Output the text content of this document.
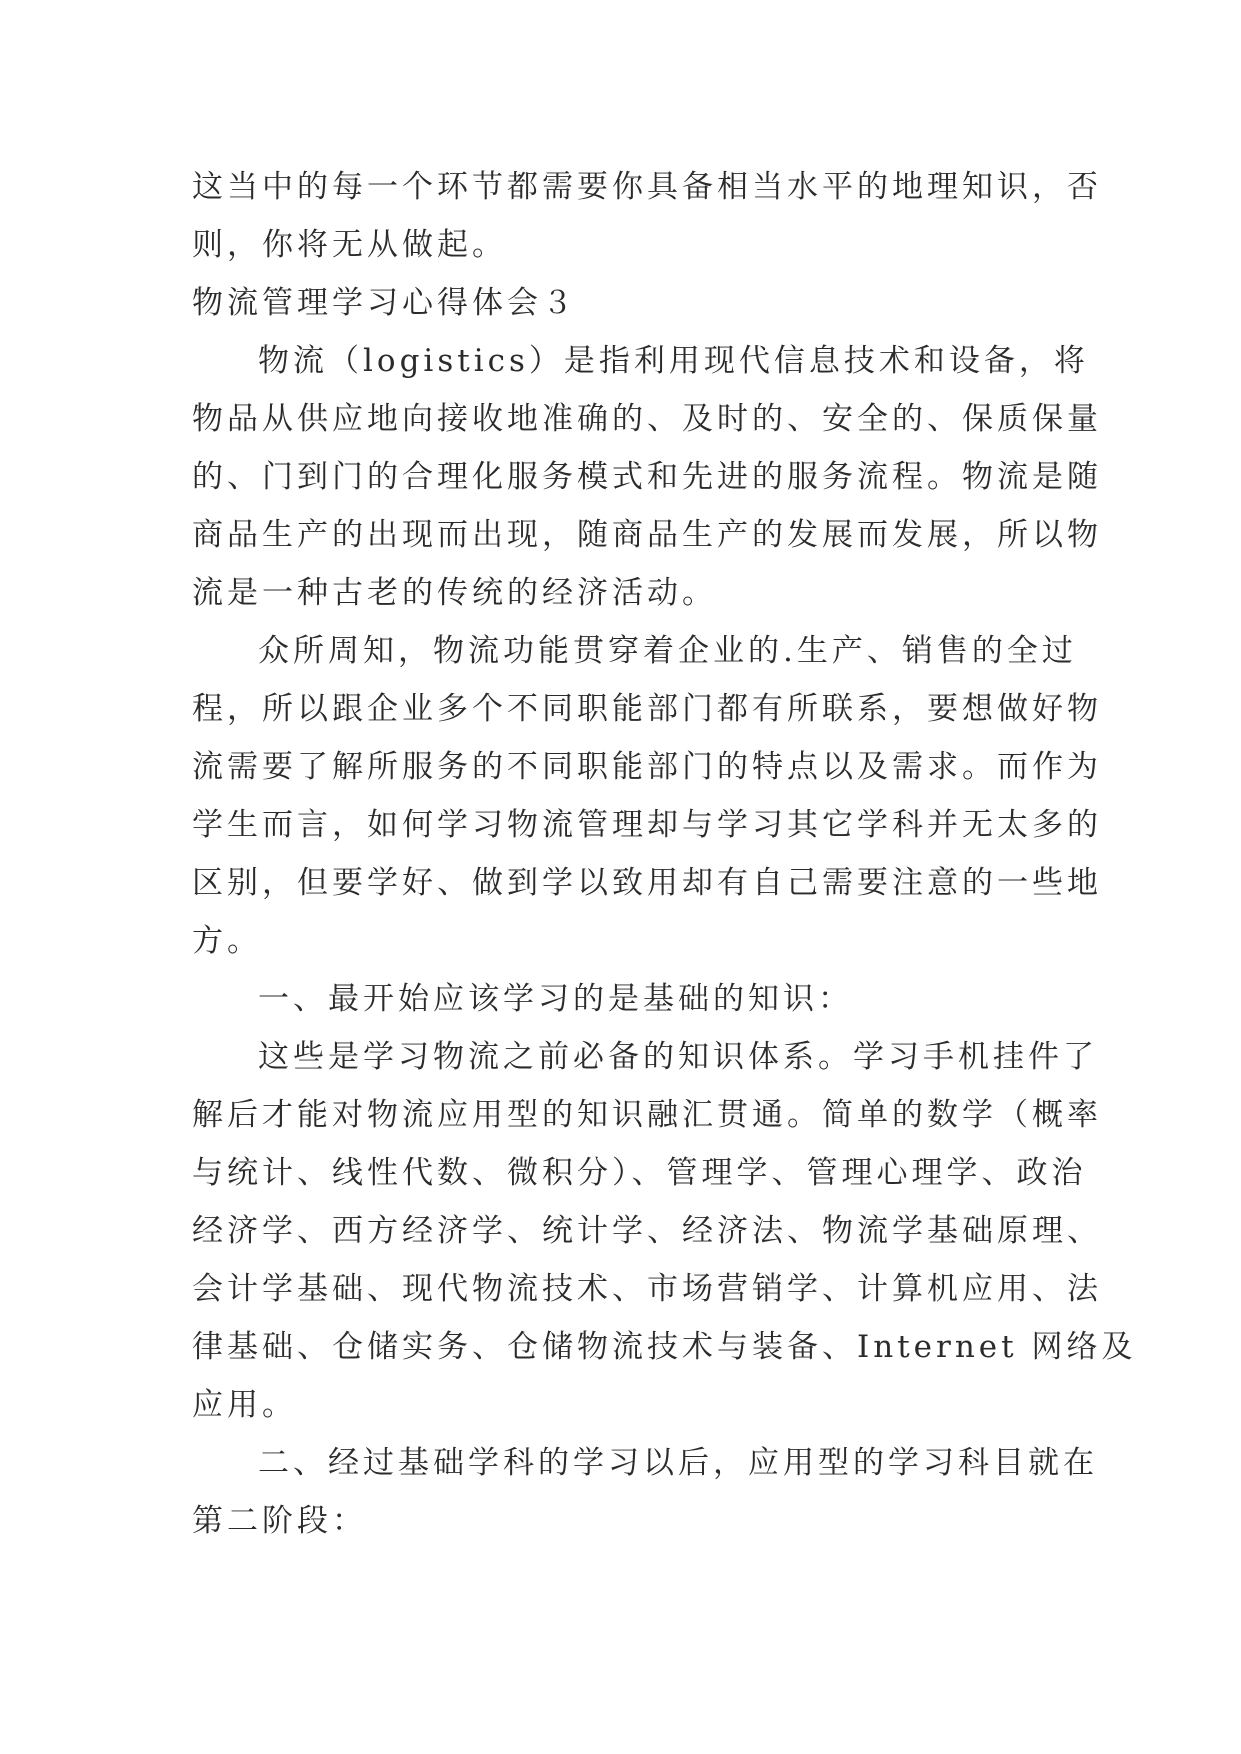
这当中的每一个环节都需要你具备相当水平的地理知识，否
则，你将无从做起。
物流管理学习心得体会３
物流（logistics）是指利用现代信息技术和设备，将
物品从供应地向接收地准确的、及时的、安全的、保质保量
的、门到门的合理化服务模式和先进的服务流程。物流是随
商品生产的出现而出现，随商品生产的发展而发展，所以物
流是一种古老的传统的经济活动。
众所周知，物流功能贯穿着企业的.生产、销售的全过
程，所以跟企业多个不同职能部门都有所联系，要想做好物
流需要了解所服务的不同职能部门的特点以及需求。而作为
学生而言，如何学习物流管理却与学习其它学科并无太多的
区别，但要学好、做到学以致用却有自己需要注意的一些地
方。
一、最开始应该学习的是基础的知识：
这些是学习物流之前必备的知识体系。学习手机挂件了
解后才能对物流应用型的知识融汇贯通。简单的数学（概率
与统计、线性代数、微积分）、管理学、管理心理学、政治
经济学、西方经济学、统计学、经济法、物流学基础原理、
会计学基础、现代物流技术、市场营销学、计算机应用、法
律基础、仓储实务、仓储物流技术与装备、Internet 网络及
应用。
二、经过基础学科的学习以后，应用型的学习科目就在
第二阶段：
